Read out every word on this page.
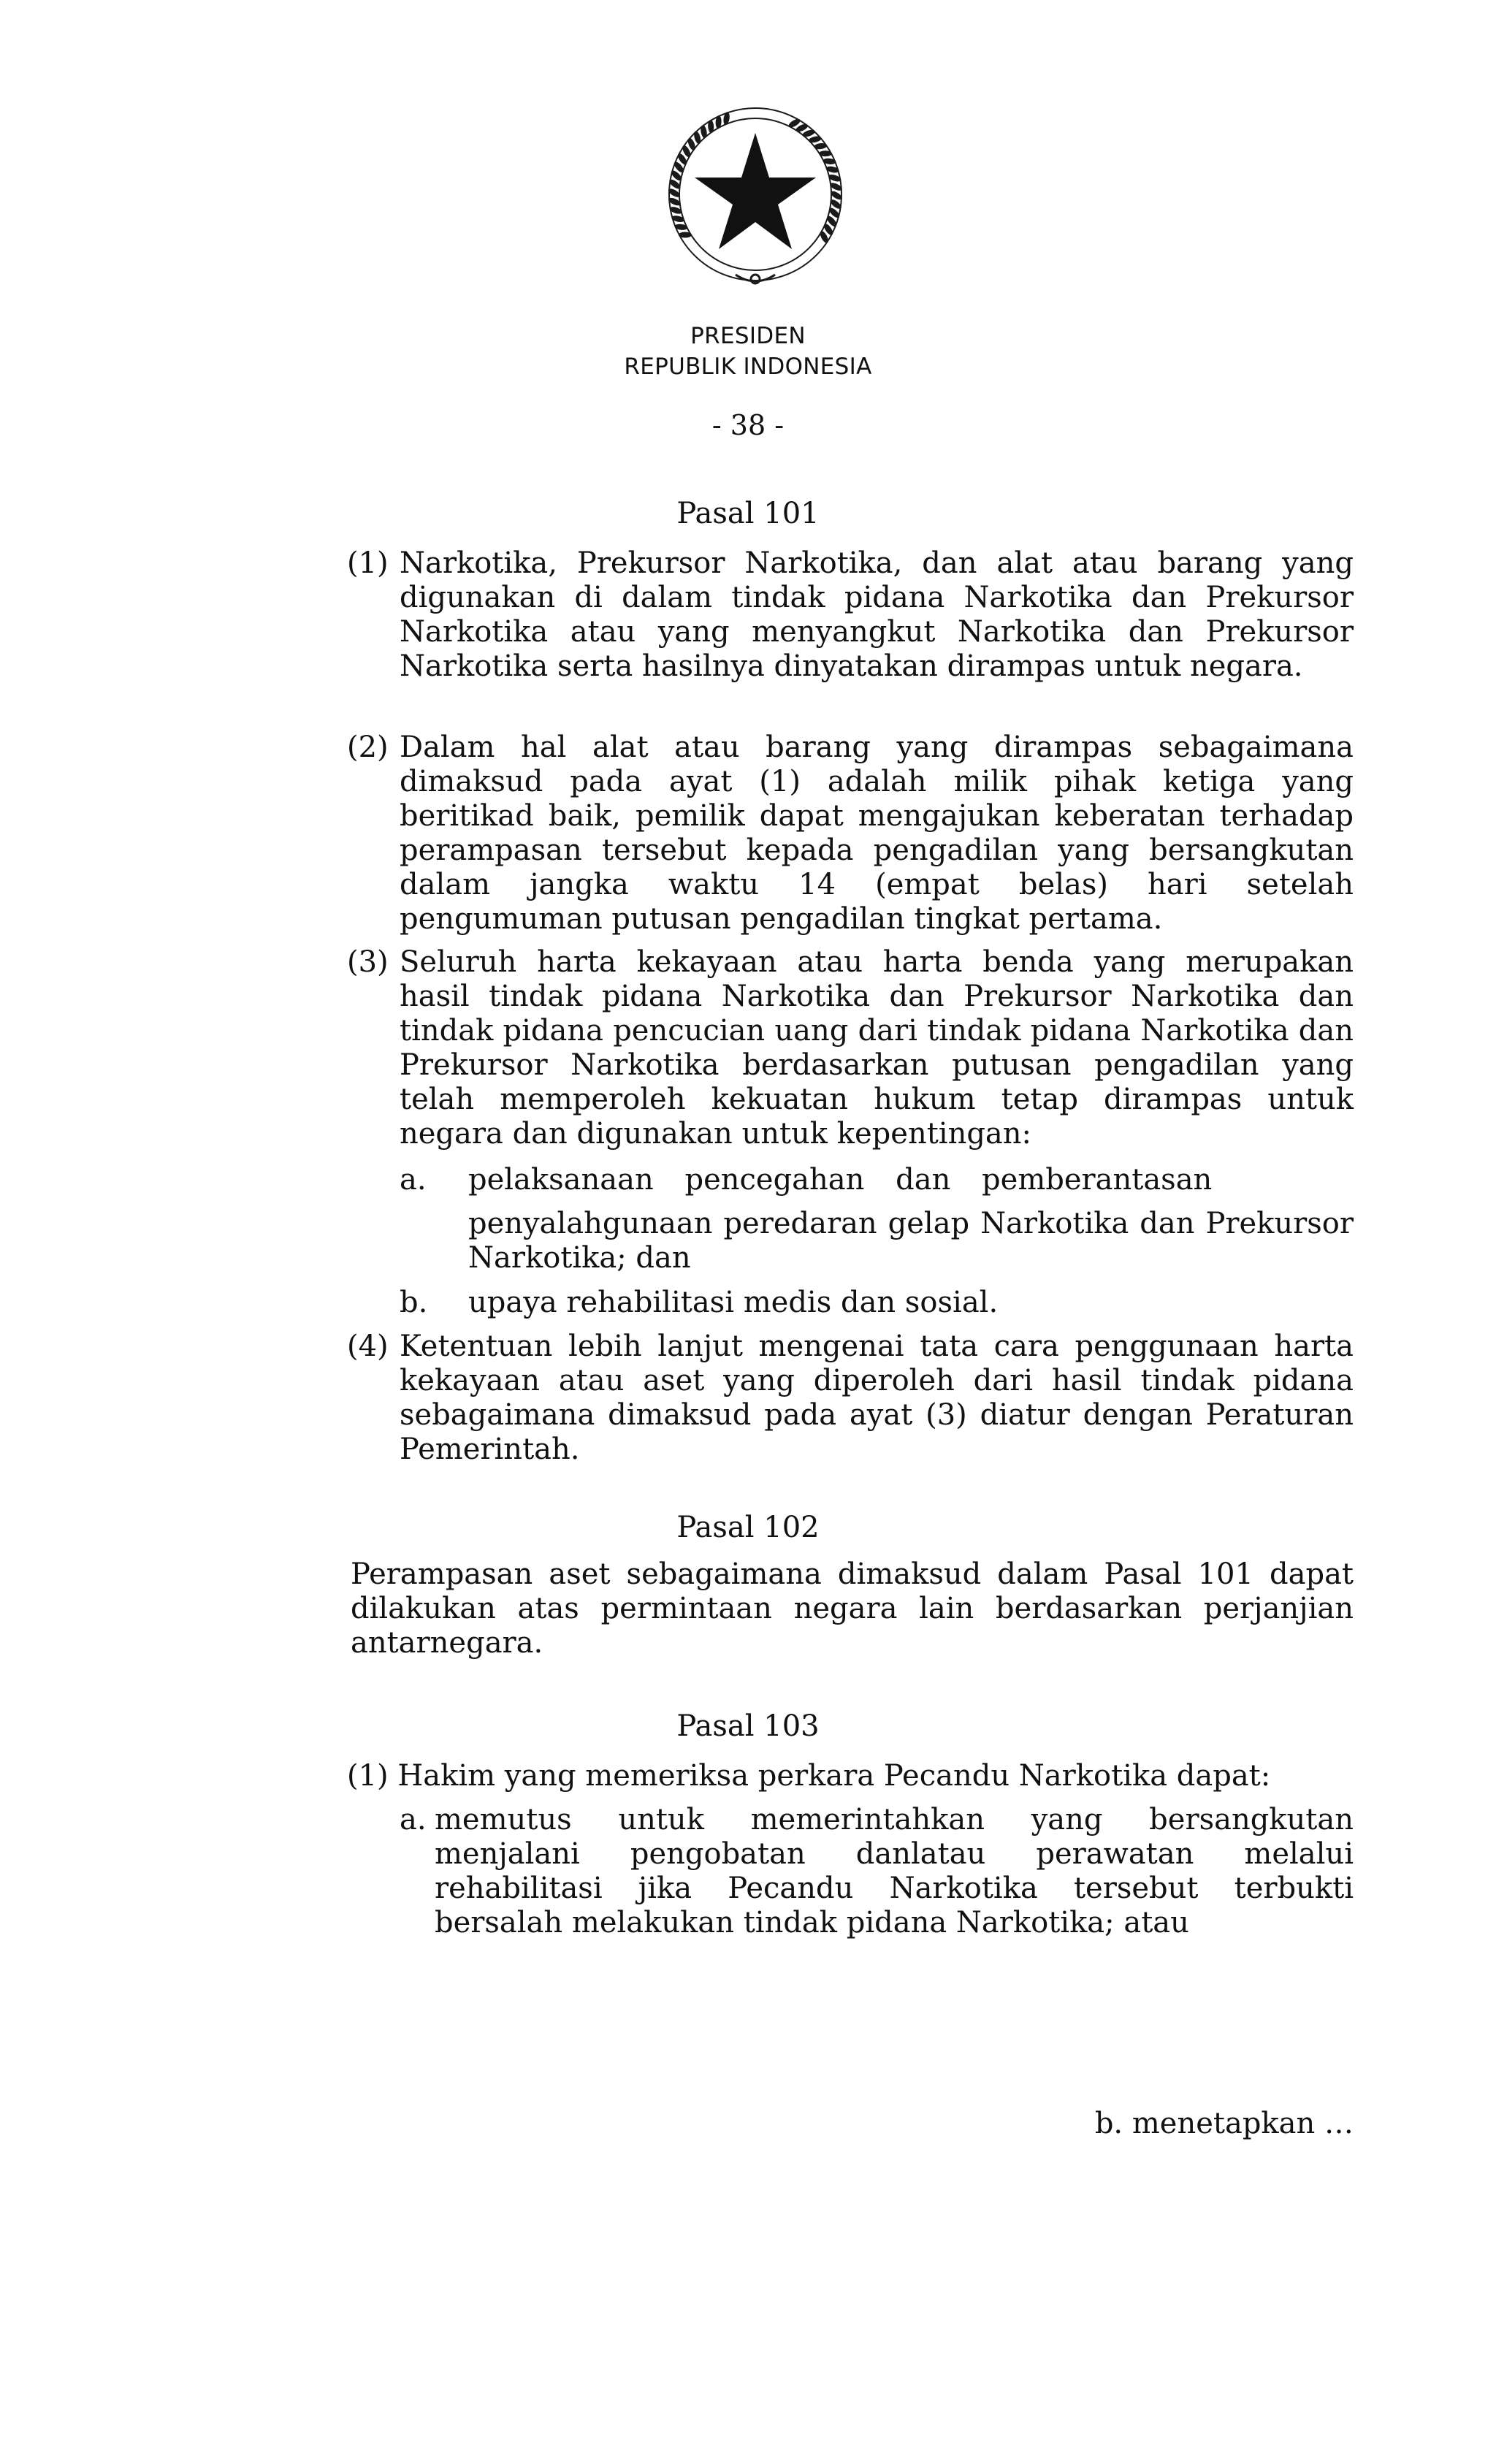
PRESIDEN
REPUBLIK INDONESIA
- 38 -
Pasal 101
(1) Narkotika, Prekursor Narkotika, dan alat atau barang yang digunakan di dalam tindak pidana Narkotika dan Prekursor Narkotika atau yang menyangkut Narkotika dan Prekursor Narkotika serta hasilnya dinyatakan dirampas untuk negara.
(2) Dalam hal alat atau barang yang dirampas sebagaimana dimaksud pada ayat (1) adalah milik pihak ketiga yang beritikad baik, pemilik dapat mengajukan keberatan terhadap perampasan tersebut kepada pengadilan yang bersangkutan dalam jangka waktu 14 (empat belas) hari setelah pengumuman putusan pengadilan tingkat pertama.
(3) Seluruh harta kekayaan atau harta benda yang merupakan hasil tindak pidana Narkotika dan Prekursor Narkotika dan tindak pidana pencucian uang dari tindak pidana Narkotika dan Prekursor Narkotika berdasarkan putusan pengadilan yang telah memperoleh kekuatan hukum tetap dirampas untuk negara dan digunakan untuk kepentingan:
a. pelaksanaan pencegahan dan pemberantasan
penyalahgunaan peredaran gelap Narkotika dan Prekursor Narkotika; dan
b. upaya rehabilitasi medis dan sosial.
(4) Ketentuan lebih lanjut mengenai tata cara penggunaan harta kekayaan atau aset yang diperoleh dari hasil tindak pidana sebagaimana dimaksud pada ayat (3) diatur dengan Peraturan Pemerintah.
Pasal 102
Perampasan aset sebagaimana dimaksud dalam Pasal 101 dapat dilakukan atas permintaan negara lain berdasarkan perjanjian antarnegara.
Pasal 103
(1) Hakim yang memeriksa perkara Pecandu Narkotika dapat:
a. memutus untuk memerintahkan yang bersangkutan menjalani pengobatan danlatau perawatan melalui rehabilitasi jika Pecandu Narkotika tersebut terbukti bersalah melakukan tindak pidana Narkotika; atau
b. menetapkan …
